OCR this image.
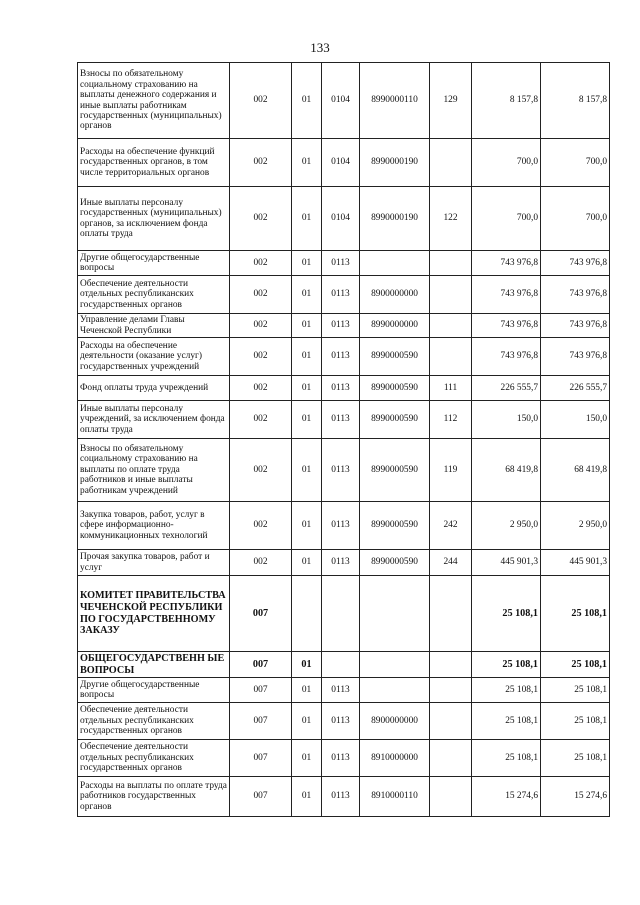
133
Взносы по обязательному социальному страхованию на выплаты денежного содержания и иные выплаты работникам государственных (муниципальных) органов	002	01	0104	8990000110	129	8 157,8	8 157,8
Расходы на обеспечение функций государственных органов, в том числе территориальных органов	002	01	0104	8990000190		700,0	700,0
Иные выплаты персоналу государственных (муниципальных) органов, за исключением фонда оплаты труда	002	01	0104	8990000190	122	700,0	700,0
Другие общегосударственные вопросы	002	01	0113			743 976,8	743 976,8
Обеспечение деятельности отдельных республиканских государственных органов	002	01	0113	8900000000		743 976,8	743 976,8
Управление делами Главы Чеченской Республики	002	01	0113	8990000000		743 976,8	743 976,8
Расходы на обеспечение деятельности (оказание услуг) государственных учреждений	002	01	0113	8990000590		743 976,8	743 976,8
Фонд оплаты труда учреждений	002	01	0113	8990000590	111	226 555,7	226 555,7
Иные выплаты персоналу учреждений, за исключением фонда оплаты труда	002	01	0113	8990000590	112	150,0	150,0
Взносы по обязательному социальному страхованию на выплаты по оплате труда работников и иные выплаты работникам учреждений	002	01	0113	8990000590	119	68 419,8	68 419,8
Закупка товаров, работ, услуг в сфере информационно-коммуникационных технологий	002	01	0113	8990000590	242	2 950,0	2 950,0
Прочая закупка товаров, работ и услуг	002	01	0113	8990000590	244	445 901,3	445 901,3
КОМИТЕТ ПРАВИТЕЛЬСТВА ЧЕЧЕНСКОЙ РЕСПУБЛИКИ ПО ГОСУДАРСТВЕННОМУ ЗАКАЗУ	007					25 108,1	25 108,1
ОБЩЕГОСУДАРСТВЕНН ЫЕ ВОПРОСЫ	007	01				25 108,1	25 108,1
Другие общегосударственные вопросы	007	01	0113			25 108,1	25 108,1
Обеспечение деятельности отдельных республиканских государственных органов	007	01	0113	8900000000		25 108,1	25 108,1
Обеспечение деятельности отдельных республиканских государственных органов	007	01	0113	8910000000		25 108,1	25 108,1
Расходы на выплаты по оплате труда работников государственных органов	007	01	0113	8910000110		15 274,6	15 274,6
